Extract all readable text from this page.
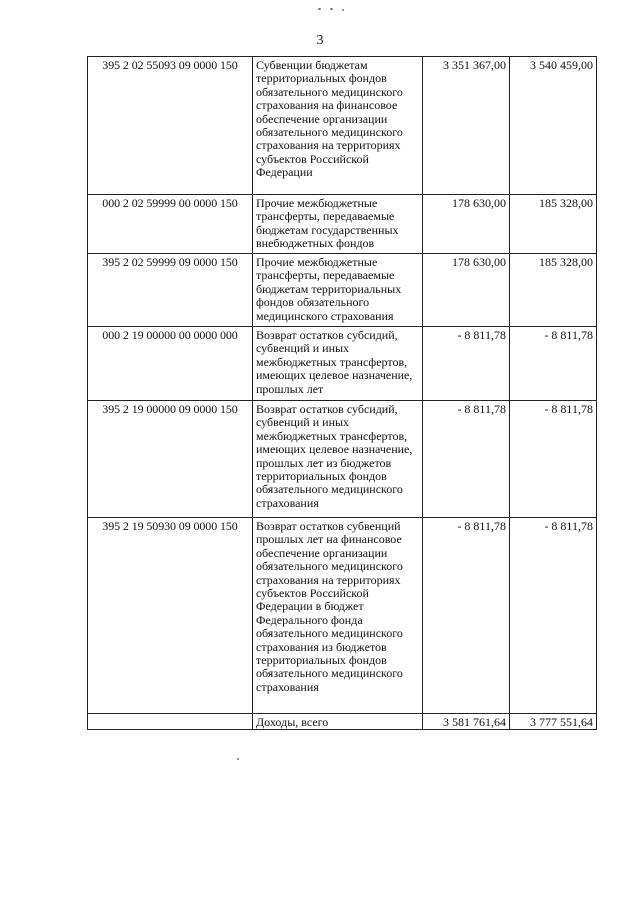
3
395 2 02 55093 09 0000 150	Субвенции бюджетам территориальных фондов обязательного медицинского страхования на финансовое обеспечение организации обязательного медицинского страхования на территориях субъектов Российской Федерации	3 351 367,00	3 540 459,00
000 2 02 59999 00 0000 150	Прочие межбюджетные трансферты, передаваемые бюджетам государственных внебюджетных фондов	178 630,00	185 328,00
395 2 02 59999 09 0000 150	Прочие межбюджетные трансферты, передаваемые бюджетам территориальных фондов обязательного медицинского страхования	178 630,00	185 328,00
000 2 19 00000 00 0000 000	Возврат остатков субсидий, субвенций и иных межбюджетных трансфертов, имеющих целевое назначение, прошлых лет	- 8 811,78	- 8 811,78
395 2 19 00000 09 0000 150	Возврат остатков субсидий, субвенций и иных межбюджетных трансфертов, имеющих целевое назначение, прошлых лет из бюджетов территориальных фондов обязательного медицинского страхования	- 8 811,78	- 8 811,78
395 2 19 50930 09 0000 150	Возврат остатков субвенций прошлых лет на финансовое обеспечение организации обязательного медицинского страхования на территориях субъектов Российской Федерации в бюджет Федерального фонда обязательного медицинского страхования из бюджетов территориальных фондов обязательного медицинского страхования	- 8 811,78	- 8 811,78
	Доходы, всего	3 581 761,64	3 777 551,64
